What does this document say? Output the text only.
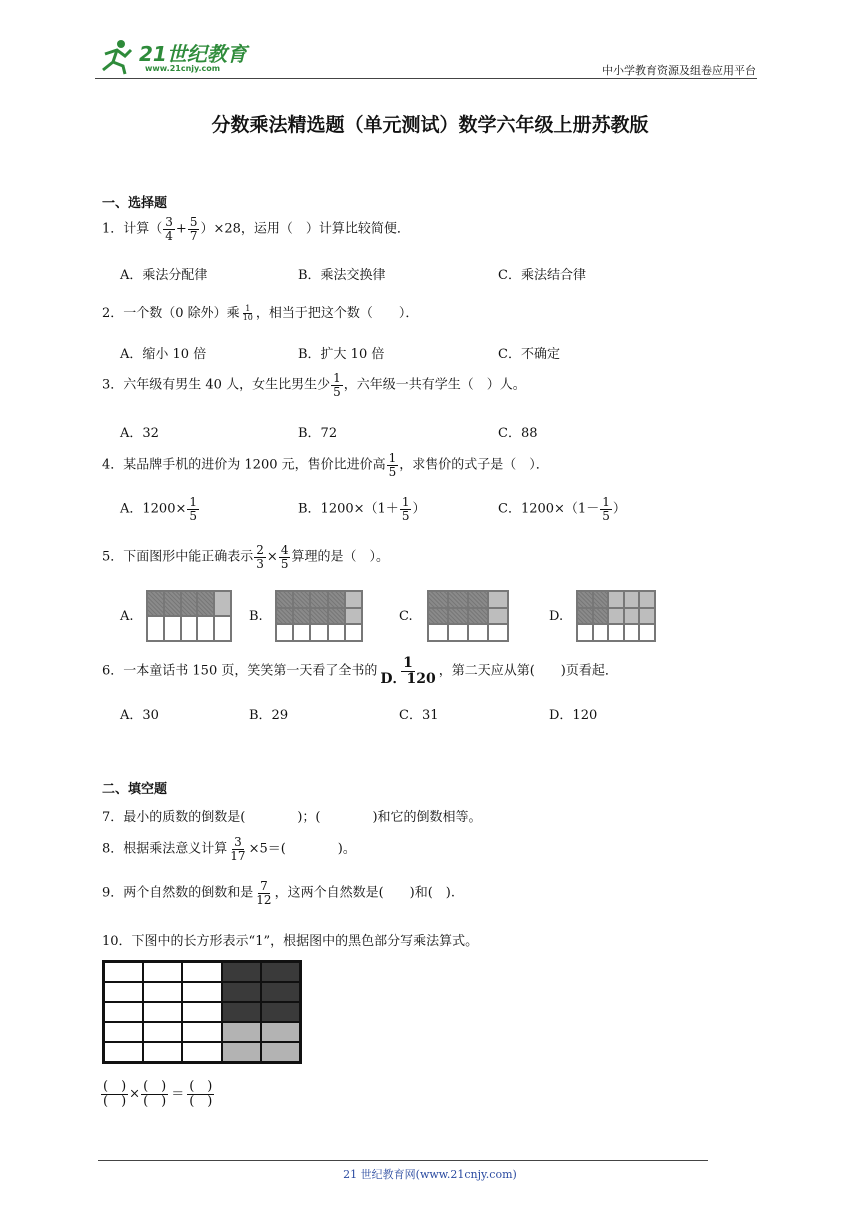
21世纪教育
www.21cnjy.com	中小学教育资源及组卷应用平台
分数乘法精选题（单元测试）数学六年级上册苏教版
一、选择题
1．计算（ $\frac{3}{4} + \frac{5}{7} )\times 28$，运用（　）计算比较简便．
A．乘法分配律	B．乘法交换律	C．乘法结合律
2．一个数（0 除外）乘 $\frac{1}{10}$ ，相当于把这个数（　　）．
A．缩小 10 倍	B．扩大 10 倍	C．不确定
3．六年级有男生 40 人，女生比男生少 $\frac{1}{5}$ ，六年级一共有学生（　）人。
A．32	B．72	C．88
4．某品牌手机的进价为 1200 元，售价比进价高 $\frac{1}{5}$ ，求售价的式子是（　）．
A．$1200\times \frac{1}{5}$	B．$1200\times(1+ \frac{1}{5}$ ）	C．$1200\times(1- \frac{1}{5}$ ）
5．下面图形中能正确表示 $\frac{2}{3} \times \frac{4}{5}$ 算理的是（　）。
A.	B.	C.	D.
6．一本童话书 150 页，笑笑第一天看了全书的 $\frac{1}{D.120}$ ，第二天应从第(　　)页看起．
A．30	B．29	C．31	D．120
二、填空题
7．最小的质数的倒数是(　　　　)；(　　　　)和它的倒数相等。
8．根据乘法意义计算 $\frac{3}{17} \times 5=$(　　　　)。
9．两个自然数的倒数和是 $\frac{7}{12}$ ，这两个自然数是(　　)和(　).
10．下图中的长方形表示“1”，根据图中的黑色部分写乘法算式。
$\frac{( )}{( )} \times \frac{( )}{( )} = \frac{( )}{( )}$
21 世纪教育网(www.21cnjy.com)
